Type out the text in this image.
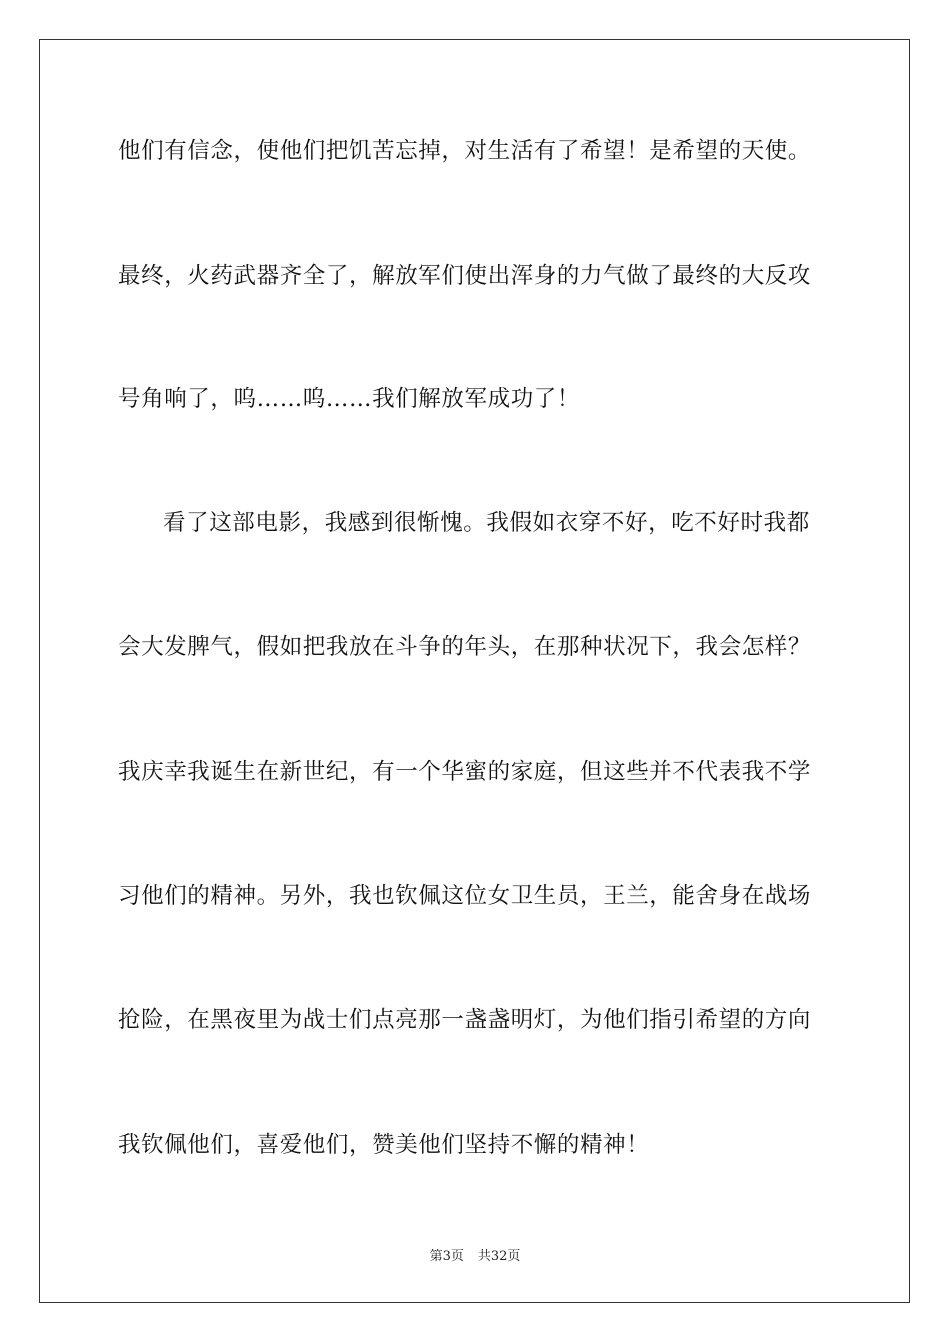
他们有信念，使他们把饥苦忘掉，对生活有了希望！是希望的天使。
最终，火药武器齐全了，解放军们使出浑身的力气做了最终的大反攻
号角响了，呜……呜……我们解放军成功了！
看了这部电影，我感到很惭愧。我假如衣穿不好，吃不好时我都
会大发脾气，假如把我放在斗争的年头，在那种状况下，我会怎样？
我庆幸我诞生在新世纪，有一个华蜜的家庭，但这些并不代表我不学
习他们的精神。另外，我也钦佩这位女卫生员，王兰，能舍身在战场
抢险，在黑夜里为战士们点亮那一盏盏明灯，为他们指引希望的方向
我钦佩他们，喜爱他们，赞美他们坚持不懈的精神！
第3页 共32页
